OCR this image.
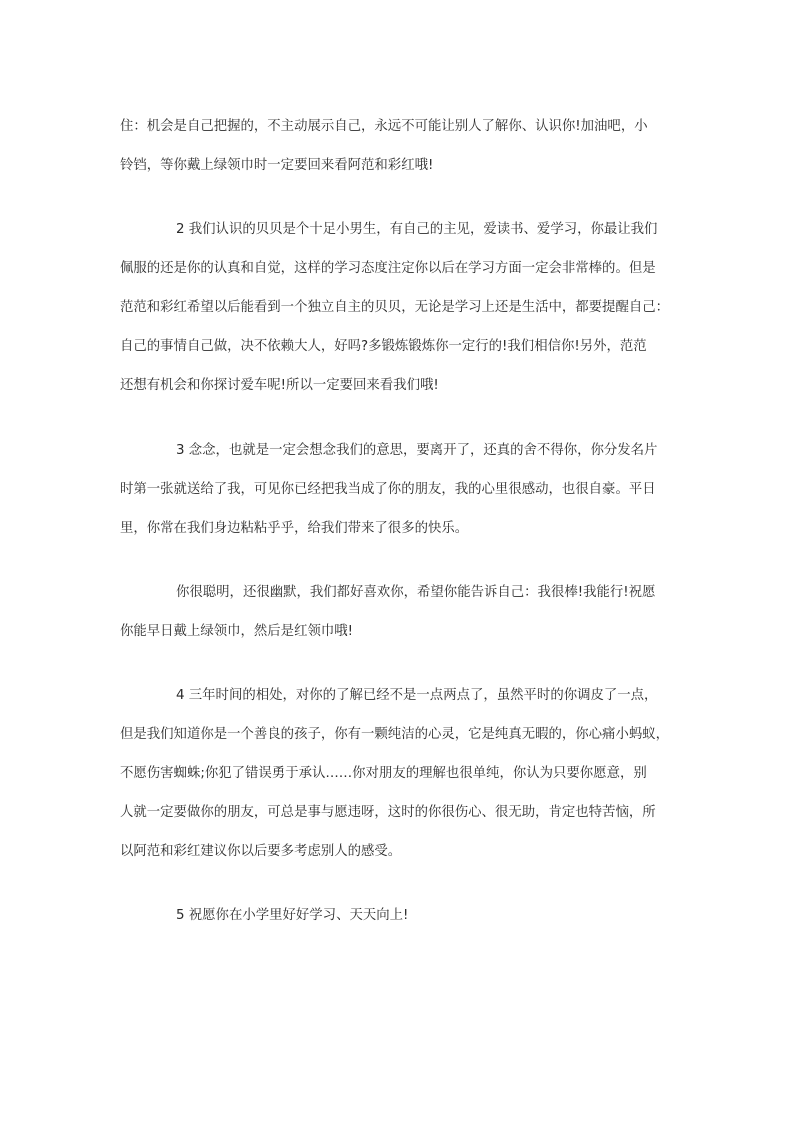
住：机会是自己把握的，不主动展示自己，永远不可能让别人了解你、认识你!加油吧，小
铃铛，等你戴上绿领巾时一定要回来看阿范和彩红哦!
2 我们认识的贝贝是个十足小男生，有自己的主见，爱读书、爱学习，你最让我们
佩服的还是你的认真和自觉，这样的学习态度注定你以后在学习方面一定会非常棒的。但是
范范和彩红希望以后能看到一个独立自主的贝贝，无论是学习上还是生活中，都要提醒自己：
自己的事情自己做，决不依赖大人，好吗?多锻炼锻炼你一定行的!我们相信你!另外，范范
还想有机会和你探讨爱车呢!所以一定要回来看我们哦!
3 念念，也就是一定会想念我们的意思，要离开了，还真的舍不得你，你分发名片
时第一张就送给了我，可见你已经把我当成了你的朋友，我的心里很感动，也很自豪。平日
里，你常在我们身边粘粘乎乎，给我们带来了很多的快乐。
你很聪明，还很幽默，我们都好喜欢你，希望你能告诉自己：我很棒!我能行!祝愿
你能早日戴上绿领巾，然后是红领巾哦!
4 三年时间的相处，对你的了解已经不是一点两点了，虽然平时的你调皮了一点，
但是我们知道你是一个善良的孩子，你有一颗纯洁的心灵，它是纯真无暇的，你心痛小蚂蚁，
不愿伤害蜘蛛;你犯了错误勇于承认……你对朋友的理解也很单纯，你认为只要你愿意，别
人就一定要做你的朋友，可总是事与愿违呀，这时的你很伤心、很无助，肯定也特苦恼，所
以阿范和彩红建议你以后要多考虑别人的感受。
5 祝愿你在小学里好好学习、天天向上!
